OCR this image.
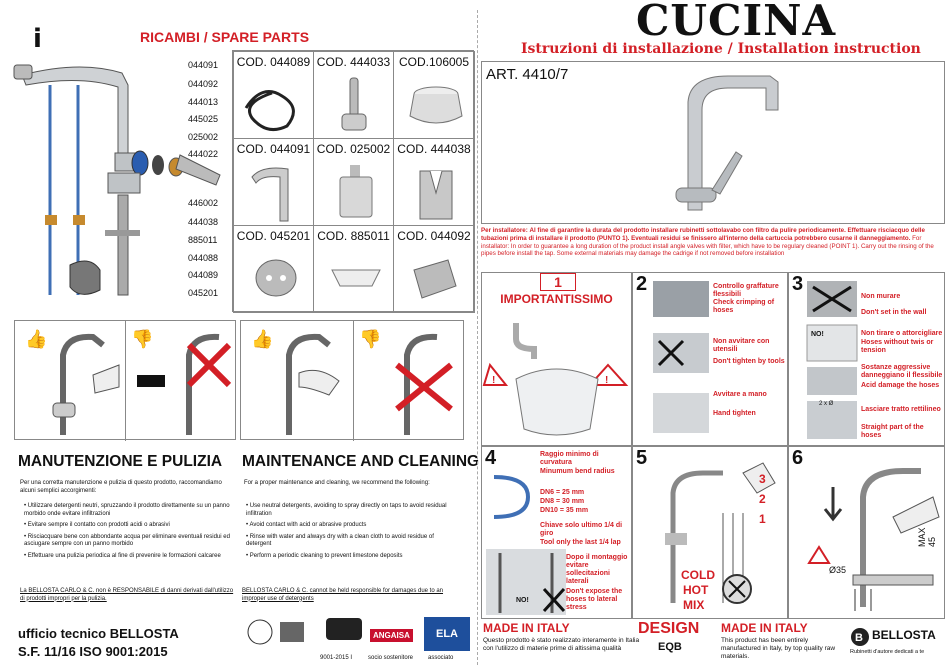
i	RICAMBI / SPARE PARTS
044091
044092
444013
445025
025002
444022
446002
444038
885011
044088
044089
045201
COD. 044089 COD. 444033 COD.106005
COD. 044091 COD. 025002 COD. 444038
COD. 045201 COD. 885011 COD. 044092
👍	👎	👍	👎
MANUTENZIONE E PULIZIA
Per una corretta manutenzione e pulizia di questo prodotto, raccomandiamo alcuni semplici accorgimenti:
• Utilizzare detergenti neutri, spruzzando il prodotto direttamente su un panno morbido onde evitare infiltrazioni
• Evitare sempre il contatto con prodotti acidi o abrasivi
• Risciacquare bene con abbondante acqua per eliminare eventuali residui ed asciugare sempre con un panno morbido
• Effettuare una pulizia periodica al fine di prevenire le formazioni calcaree
La BELLOSTA CARLO & C. non è RESPONSABILE di danni derivati dall'utilizzo di prodotti impropri per la pulizia.
MAINTENANCE AND CLEANING
For a proper maintenance and cleaning, we recommend the following:
• Use neutral detergents, avoiding to spray directly on taps to avoid residual infiltration
• Avoid contact with acid or abrasive products
• Rinse with water and always dry with a clean cloth to avoid residue of detergent
• Perform a periodic cleaning to prevent limestone deposits
BELLOSTA CARLO & C. cannot be held responsible for damages due to an improper use of detergents
ufficio tecnico BELLOSTA
S.F. 11/16 ISO 9001:2015	9001-2015 I
ANGAISA
socio sostenitore
ELA
associato
CUCINA
Istruzioni di installazione / Installation instruction
ART. 4410/7
Per installatore: Al fine di garantire la durata del prodotto installare rubinetti sottolavabo con filtro da pulire periodicamente. Effettuare risciacquo delle tubazioni prima di installare il prodotto (PUNTO 1). Eventuali residui se finissero all'interno della cartuccia potrebbero cusarne il danneggiamento. For installator: In order to guarantee a long duration of the product install angle valves with filter, which have to be regulary cleaned (POINT 1). Carry out the rinsing of the pipes before install the tap. Some external materials may damage the cadrige if not removed before installation
1
IMPORTANTISSIMO
!	!
2	Controllo graffature flessibili
Check crimping of hoses
Non avvitare con utensili
Don't tighten by tools
Avvitare a mano
Hand tighten
3
NO!
2 x Ø
Non murare
Don't set in the wall
Non tirare o attorcigliare
Hoses without twis or tension
Sostanze aggressive danneggiano il flessibile
Acid damage the hoses
Lasciare tratto rettilineo
Straight part of the hoses
4	Raggio minimo di curvatura
Minumum bend radius
DN6 = 25 mm
DN8 = 30 mm
DN10 = 35 mm
Chiave solo ultimo 1/4 di giro
Tool only the last 1/4 lap
NO!
Dopo il montaggio evitare sollecitazioni laterali
Don't expose the hoses to lateral stress
5
3
2
1
COLD
HOT
MIX
6
Ø35
MAX 45
MADE IN ITALY
Questo prodotto è stato realizzato interamente in Italia con l'utilizzo di materie prime di altissima qualità
DESIGN
EQB
MADE IN ITALY
This product has been entirely manufactured in Italy, by top quality raw materials.
B BELLOSTA
Rubinetti d'autore dedicati a te
